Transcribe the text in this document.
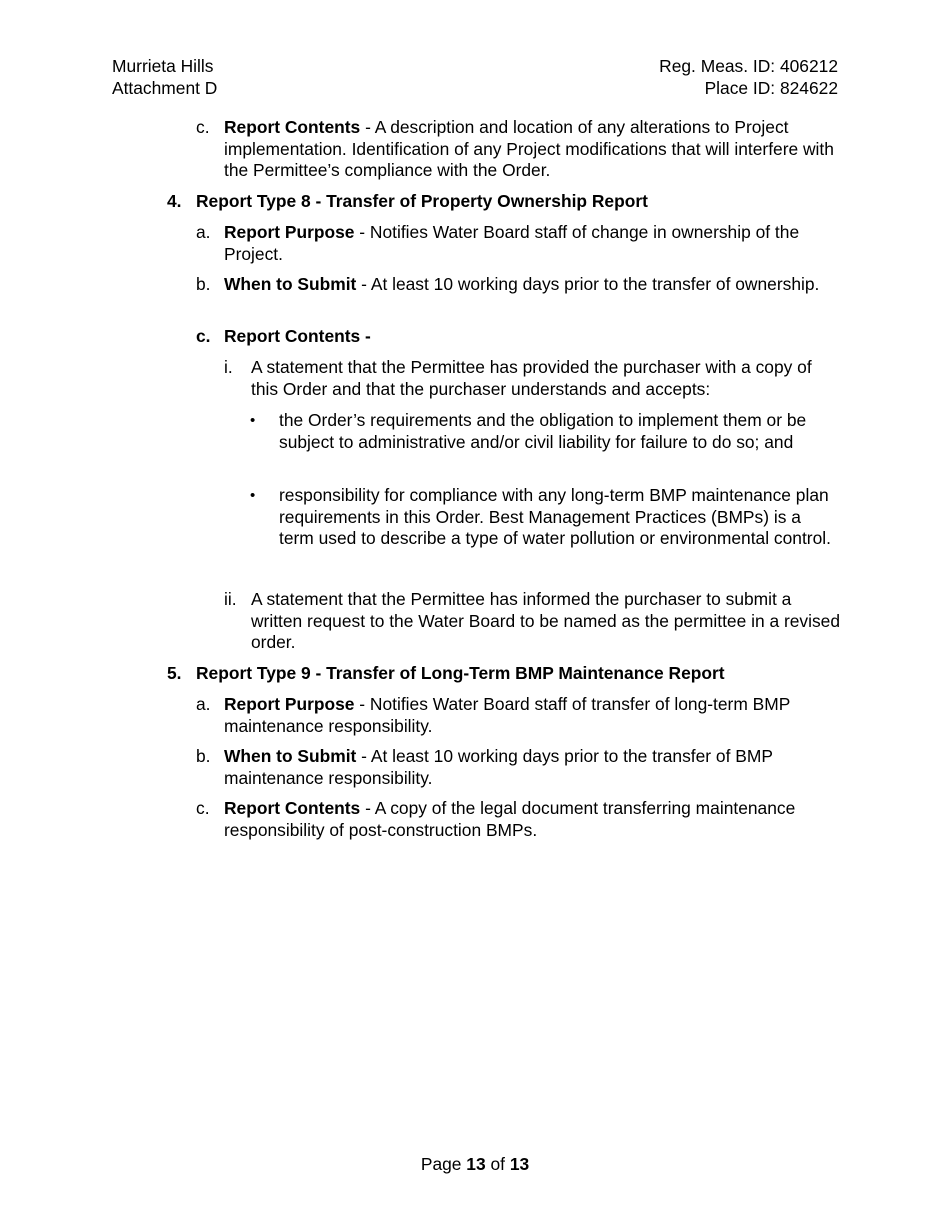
Murrieta Hills
Attachment D
Reg. Meas. ID: 406212
Place ID: 824622
c. Report Contents - A description and location of any alterations to Project implementation. Identification of any Project modifications that will interfere with the Permittee’s compliance with the Order.
4. Report Type 8 - Transfer of Property Ownership Report
a. Report Purpose - Notifies Water Board staff of change in ownership of the Project.
b. When to Submit - At least 10 working days prior to the transfer of ownership.
c. Report Contents -
i.	A statement that the Permittee has provided the purchaser with a copy of this Order and that the purchaser understands and accepts:
•	the Order’s requirements and the obligation to implement them or be subject to administrative and/or civil liability for failure to do so; and
•	responsibility for compliance with any long-term BMP maintenance plan requirements in this Order. Best Management Practices (BMPs) is a term used to describe a type of water pollution or environmental control.
ii. A statement that the Permittee has informed the purchaser to submit a written request to the Water Board to be named as the permittee in a revised order.
5. Report Type 9 - Transfer of Long-Term BMP Maintenance Report
a. Report Purpose - Notifies Water Board staff of transfer of long-term BMP maintenance responsibility.
b. When to Submit - At least 10 working days prior to the transfer of BMP maintenance responsibility.
c. Report Contents - A copy of the legal document transferring maintenance responsibility of post-construction BMPs.
Page 13 of 13
